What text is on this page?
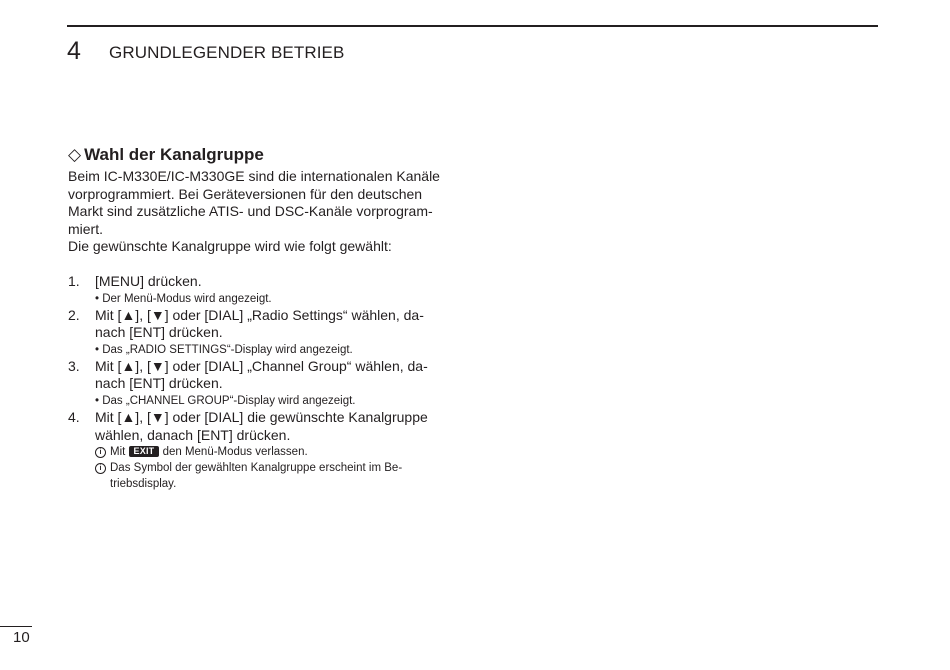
4 GRUNDLEGENDER BETRIEB
◇ Wahl der Kanalgruppe

Beim IC-M330E/IC-M330GE sind die internationalen Kanäle vorprogrammiert. Bei Geräteversionen für den deutschen Markt sind zusätzliche ATIS- und DSC-Kanäle vorprogrammiert.

Die gewünschte Kanalgruppe wird wie folgt gewählt:

1. [MENU] drücken.
• Der Menü-Modus wird angezeigt.
2. Mit [▲], [▼] oder [DIAL] „Radio Settings“ wählen, danach [ENT] drücken.
• Das „RADIO SETTINGS“-Display wird angezeigt.
3. Mit [▲], [▼] oder [DIAL] „Channel Group“ wählen, danach [ENT] drücken.
• Das „CHANNEL GROUP“-Display wird angezeigt.
4. Mit [▲], [▼] oder [DIAL] die gewünschte Kanalgruppe wählen, danach [ENT] drücken.
i Mit EXIT den Menü-Modus verlassen.
i Das Symbol der gewählten Kanalgruppe erscheint im Betriebsdisplay.
10
